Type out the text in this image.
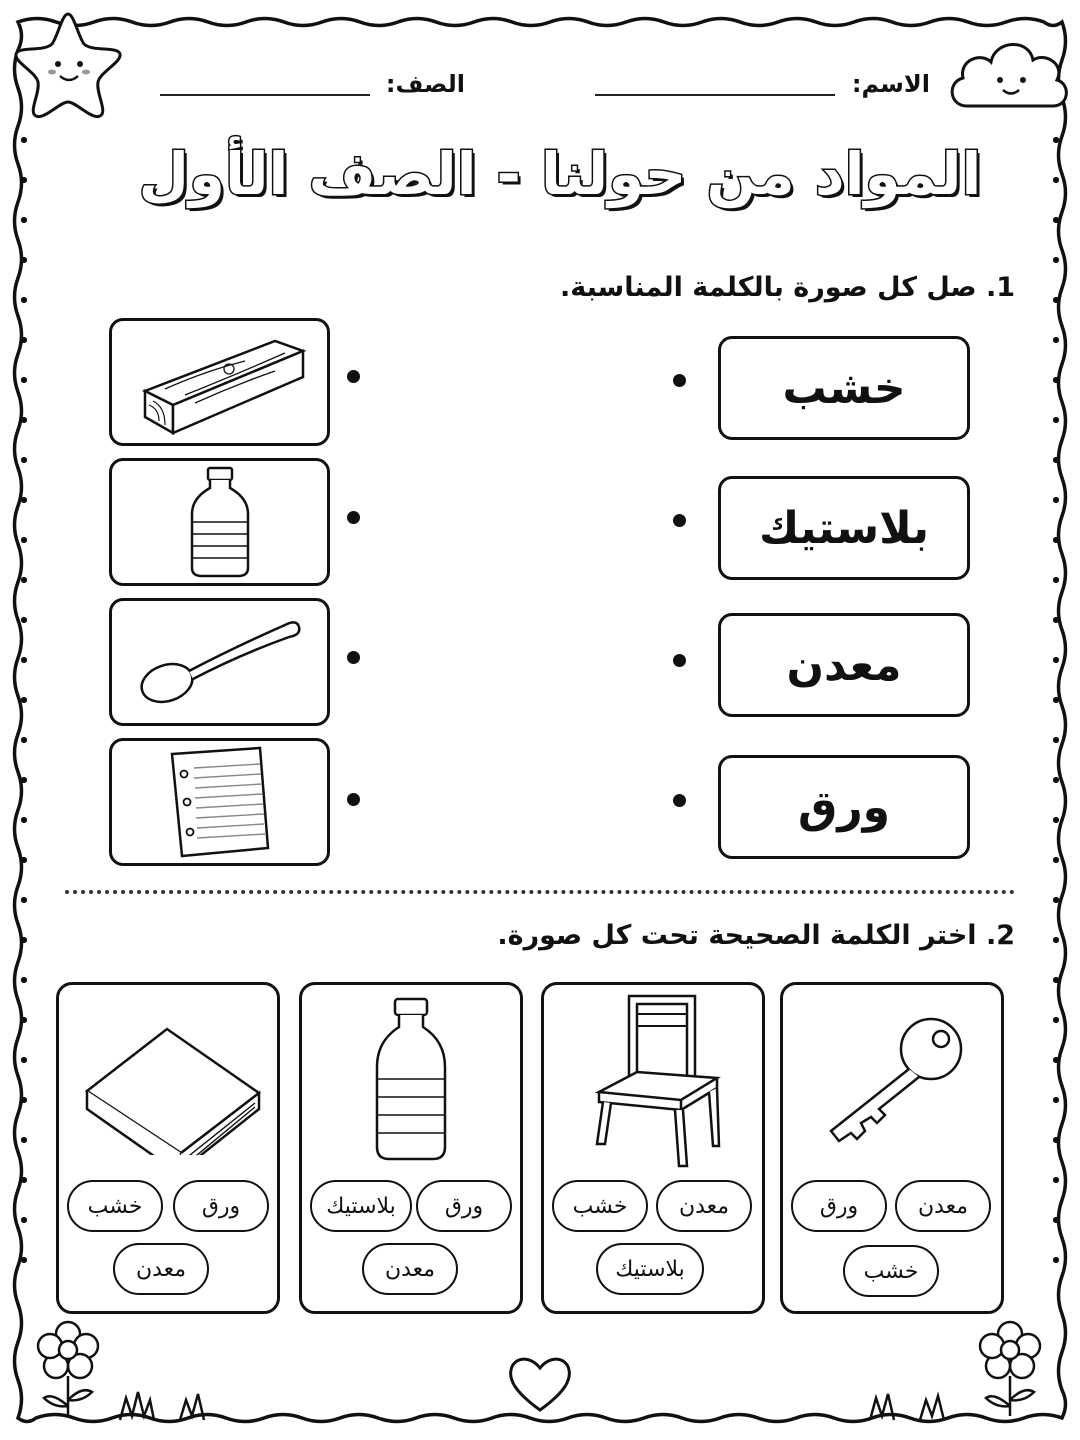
الاسم:
الصف:
المواد من حولنا - الصف الأول
1. صل كل صورة بالكلمة المناسبة.
خشب
بلاستيك
معدن
ورق
2. اختر الكلمة الصحيحة تحت كل صورة.
معدن
ورق
خشب
معدن
خشب
بلاستيك
ورق
بلاستيك
معدن
ورق
خشب
معدن
